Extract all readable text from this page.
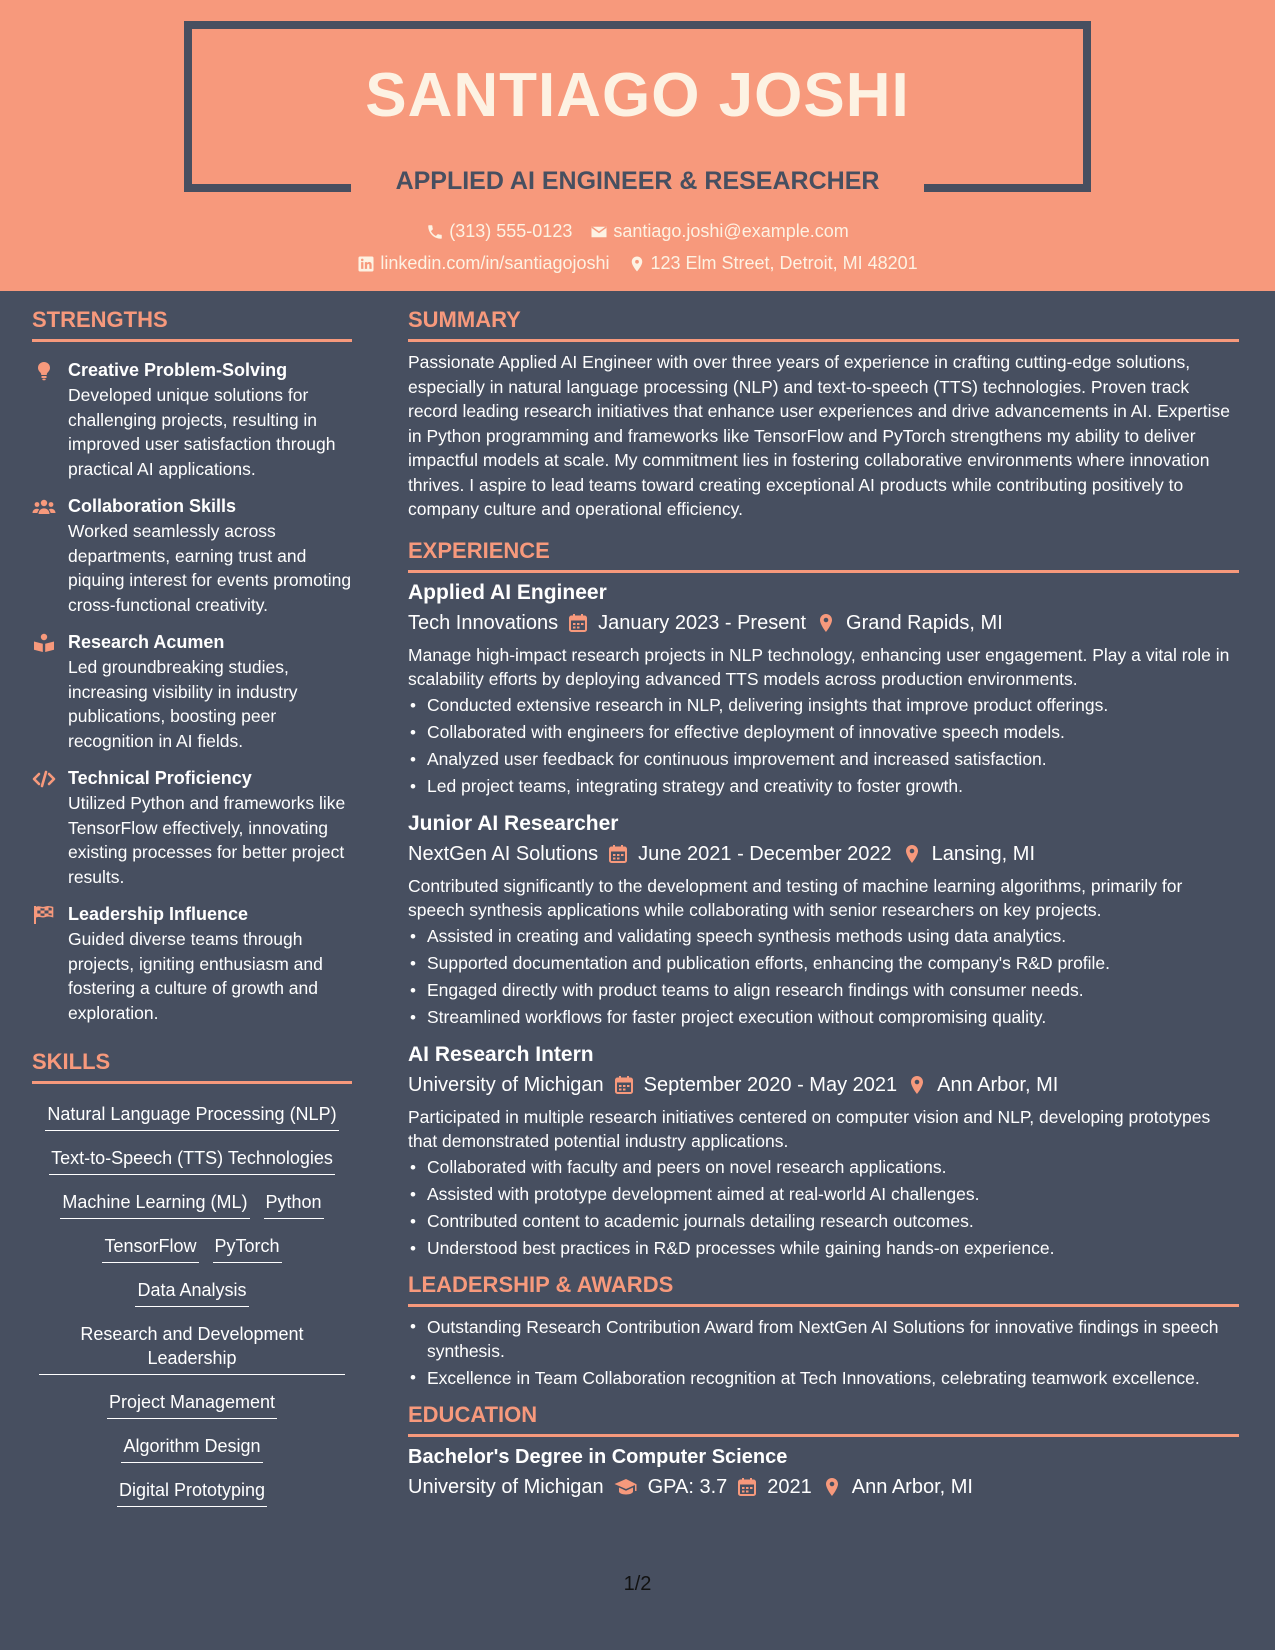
SANTIAGO JOSHI
APPLIED AI ENGINEER & RESEARCHER
(313) 555-0123 santiago.joshi@example.com
linkedin.com/in/santiagojoshi 123 Elm Street, Detroit, MI 48201
STRENGTHS
Creative Problem-Solving
Developed unique solutions for challenging projects, resulting in improved user satisfaction through practical AI applications.
Collaboration Skills
Worked seamlessly across departments, earning trust and piquing interest for events promoting cross-functional creativity.
Research Acumen
Led groundbreaking studies, increasing visibility in industry publications, boosting peer recognition in AI fields.
Technical Proficiency
Utilized Python and frameworks like TensorFlow effectively, innovating existing processes for better project results.
Leadership Influence
Guided diverse teams through projects, igniting enthusiasm and fostering a culture of growth and exploration.
SKILLS
Natural Language Processing (NLP)
Text-to-Speech (TTS) Technologies
Machine Learning (ML) Python
TensorFlow PyTorch
Data Analysis
Research and Development Leadership
Project Management
Algorithm Design
Digital Prototyping
SUMMARY
Passionate Applied AI Engineer with over three years of experience in crafting cutting-edge solutions, especially in natural language processing (NLP) and text-to-speech (TTS) technologies. Proven track record leading research initiatives that enhance user experiences and drive advancements in AI. Expertise in Python programming and frameworks like TensorFlow and PyTorch strengthens my ability to deliver impactful models at scale. My commitment lies in fostering collaborative environments where innovation thrives. I aspire to lead teams toward creating exceptional AI products while contributing positively to company culture and operational efficiency.
EXPERIENCE
Applied AI Engineer
Tech Innovations January 2023 - Present Grand Rapids, MI
Manage high-impact research projects in NLP technology, enhancing user engagement. Play a vital role in scalability efforts by deploying advanced TTS models across production environments.
• Conducted extensive research in NLP, delivering insights that improve product offerings.
• Collaborated with engineers for effective deployment of innovative speech models.
• Analyzed user feedback for continuous improvement and increased satisfaction.
• Led project teams, integrating strategy and creativity to foster growth.
Junior AI Researcher
NextGen AI Solutions June 2021 - December 2022 Lansing, MI
Contributed significantly to the development and testing of machine learning algorithms, primarily for speech synthesis applications while collaborating with senior researchers on key projects.
• Assisted in creating and validating speech synthesis methods using data analytics.
• Supported documentation and publication efforts, enhancing the company's R&D profile.
• Engaged directly with product teams to align research findings with consumer needs.
• Streamlined workflows for faster project execution without compromising quality.
AI Research Intern
University of Michigan September 2020 - May 2021 Ann Arbor, MI
Participated in multiple research initiatives centered on computer vision and NLP, developing prototypes that demonstrated potential industry applications.
• Collaborated with faculty and peers on novel research applications.
• Assisted with prototype development aimed at real-world AI challenges.
• Contributed content to academic journals detailing research outcomes.
• Understood best practices in R&D processes while gaining hands-on experience.
LEADERSHIP & AWARDS
• Outstanding Research Contribution Award from NextGen AI Solutions for innovative findings in speech synthesis.
• Excellence in Team Collaboration recognition at Tech Innovations, celebrating teamwork excellence.
EDUCATION
Bachelor's Degree in Computer Science
University of Michigan GPA: 3.7 2021 Ann Arbor, MI
1/2
